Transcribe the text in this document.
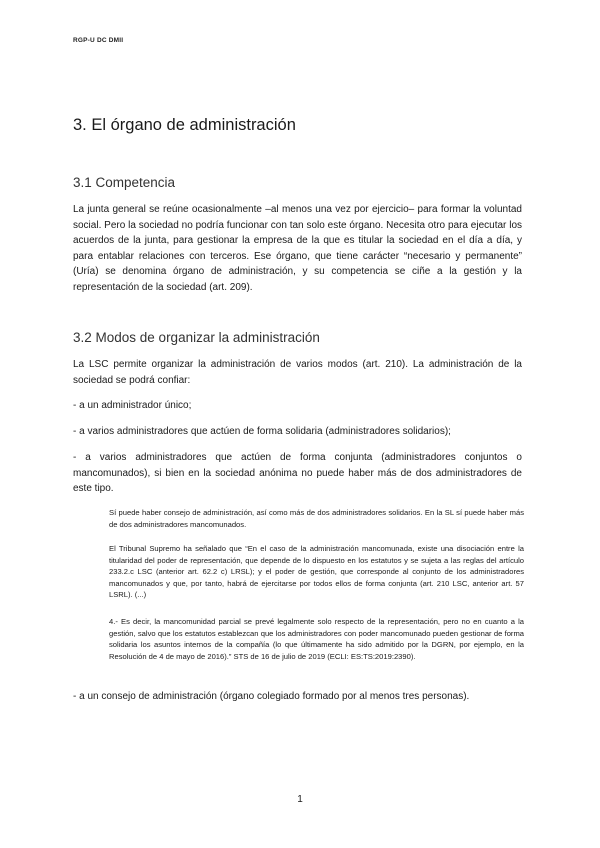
RGP-U DC DMII
3. El órgano de administración
3.1 Competencia

La junta general se reúne ocasionalmente –al menos una vez por ejercicio– para formar la voluntad social. Pero la sociedad no podría funcionar con tan solo este órgano. Necesita otro para ejecutar los acuerdos de la junta, para gestionar la empresa de la que es titular la sociedad en el día a día, y para entablar relaciones con terceros. Ese órgano, que tiene carácter “necesario y permanente” (Uría) se denomina órgano de administración, y su competencia se ciñe a la gestión y la representación de la sociedad (art. 209).

3.2 Modos de organizar la administración

La LSC permite organizar la administración de varios modos (art. 210). La administración de la sociedad se podrá confiar:

- a un administrador único;

- a varios administradores que actúen de forma solidaria (administradores solidarios);

- a varios administradores que actúen de forma conjunta (administradores conjuntos o mancomunados), si bien en la sociedad anónima no puede haber más de dos administradores de este tipo.

Sí puede haber consejo de administración, así como más de dos administradores solidarios. En la SL sí puede haber más de dos administradores mancomunados.

El Tribunal Supremo ha señalado que “En el caso de la administración mancomunada, existe una disociación entre la titularidad del poder de representación, que depende de lo dispuesto en los estatutos y se sujeta a las reglas del artículo 233.2.c LSC (anterior art. 62.2 c) LRSL); y el poder de gestión, que corresponde al conjunto de los administradores mancomunados y que, por tanto, habrá de ejercitarse por todos ellos de forma conjunta (art. 210 LSC, anterior art. 57 LSRL). (...)

4.- Es decir, la mancomunidad parcial se prevé legalmente solo respecto de la representación, pero no en cuanto a la gestión, salvo que los estatutos establezcan que los administradores con poder mancomunado pueden gestionar de forma solidaria los asuntos internos de la compañía (lo que últimamente ha sido admitido por la DGRN, por ejemplo, en la Resolución de 4 de mayo de 2016).” STS de 16 de julio de 2019 (ECLI: ES:TS:2019:2390).

- a un consejo de administración (órgano colegiado formado por al menos tres personas).

1
